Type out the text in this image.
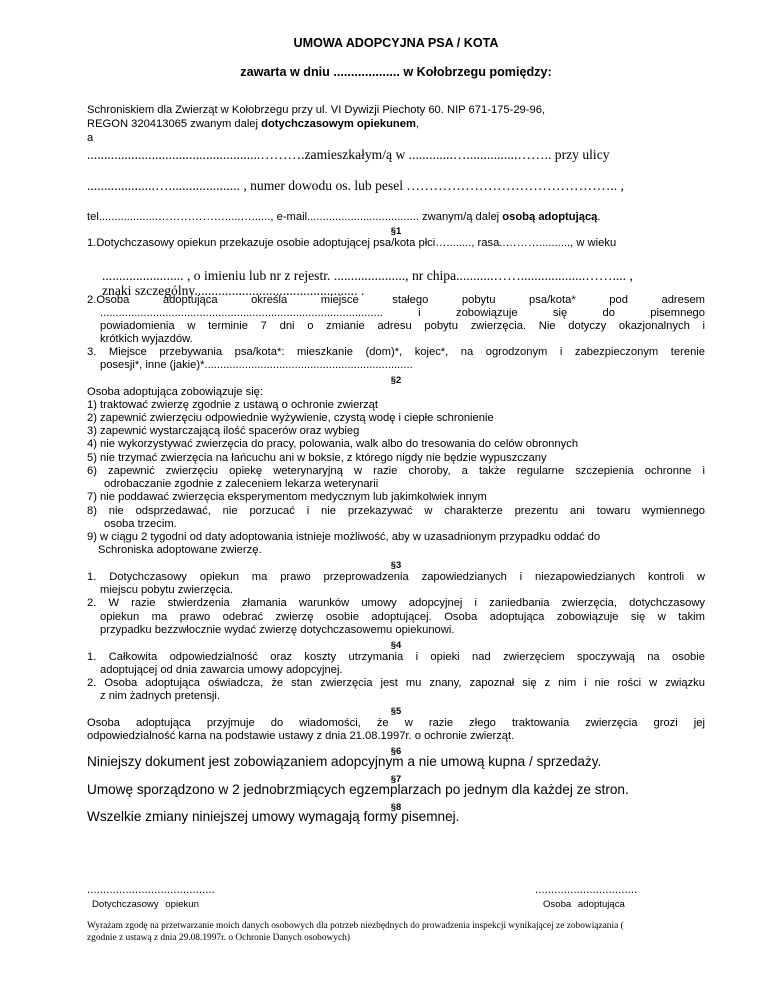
UMOWA ADOPCYJNA PSA / KOTA
zawarta w dniu ................... w Kołobrzegu pomiędzy:
Schroniskiem dla Zwierząt w Kołobrzegu przy ul. VI Dywizji Piechoty 60. NIP 671-175-29-96,
REGON 320413065 zwanym dalej dotychczasowym opiekunem,
a
...................................................……….zamieszkałym/ą w .............…...............…….. przy ulicy
....................…..................... , numer dowodu os. lub pesel ……………………………………….. ,
tel...................……………….....…......, e-mail.................................... zwanym/ą dalej osobą adoptującą.
§1
1.Dotychczasowy opiekun przekazuje osobie adoptującej psa/kota płci…........, rasa..……….........., w wieku
........................ , o imieniu lub nr z rejestr. ....................., nr chipa...........……...................…….... ,
znaki szczególny................................................ .
2.Osoba adoptująca określa miejsce stałego pobytu psa/kota* pod adresem
........................................................................................... i zobowiązuje się do pisemnego
powiadomienia w terminie 7 dni o zmianie adresu pobytu zwierzęcia. Nie dotyczy okazjonalnych i
krótkich wyjazdów.
3. Miejsce przebywania psa/kota*: mieszkanie (dom)*, kojec*, na ogrodzonym i zabezpieczonym terenie
posesji*, inne (jakie)*...................................................................
§2
Osoba adoptująca zobowiązuje się:
1) traktować zwierzę zgodnie z ustawą o ochronie zwierząt
2) zapewnić zwierzęciu odpowiednie wyżywienie, czystą wodę i ciepłe schronienie
3) zapewnić wystarczającą ilość spacerów oraz wybieg
4) nie wykorzystywać zwierzęcia do pracy, polowania, walk albo do tresowania do celów obronnych
5) nie trzymać zwierzęcia na łańcuchu ani w boksie, z którego nigdy nie będzie wypuszczany
6) zapewnić zwierzęciu opiekę weterynaryjną w razie choroby, a także regularne szczepienia ochronne i
odrobaczanie zgodnie z zaleceniem lekarza weterynarii
7) nie poddawać zwierzęcia eksperymentom medycznym lub jakimkolwiek innym
8) nie odsprzedawać, nie porzucać i nie przekazywać w charakterze prezentu ani towaru wymiennego
osoba trzecim.
9) w ciągu 2 tygodni od daty adoptowania istnieje możliwość, aby w uzasadnionym przypadku oddać do
Schroniska adoptowane zwierzę.
§3
1. Dotychczasowy opiekun ma prawo przeprowadzenia zapowiedzianych i niezapowiedzianych kontroli w
miejscu pobytu zwierzęcia.
2. W razie stwierdzenia złamania warunków umowy adopcyjnej i zaniedbania zwierzęcia, dotychczasowy
opiekun ma prawo odebrać zwierzę osobie adoptującej. Osoba adoptująca zobowiązuje się w takim
przypadku bezzwłocznie wydać zwierzę dotychczasowemu opiekunowi.
§4
1. Całkowita odpowiedzialność oraz koszty utrzymania i opieki nad zwierzęciem spoczywają na osobie
adoptującej od dnia zawarcia umowy adopcyjnej.
2. Osoba adoptująca oświadcza, że stan zwierzęcia jest mu znany, zapoznał się z nim i nie rości w związku
z nim żadnych pretensji.
§5
Osoba adoptująca przyjmuje do wiadomości, że w razie złego traktowania zwierzęcia grozi jej
odpowiedzialność karna na podstawie ustawy z dnia 21.08.1997r. o ochronie zwierząt.
§6
Niniejszy dokument jest zobowiązaniem adopcyjnym a nie umową kupna / sprzedaży.
§7
Umowę sporządzono w 2 jednobrzmiących egzemplarzach po jednym dla każdej ze stron.
§8
Wszelkie zmiany niniejszej umowy wymagają formy pisemnej.
........................................
Dotychczasowy opiekun
................................
Osoba adoptująca
Wyrażam zgodę na przetwarzanie moich danych osobowych dla potrzeb niezbędnych do prowadzenia inspekcji wynikającej ze zobowiązania (
zgodnie z ustawą z dnia 29.08.1997r. o Ochronie Danych osobowych)
